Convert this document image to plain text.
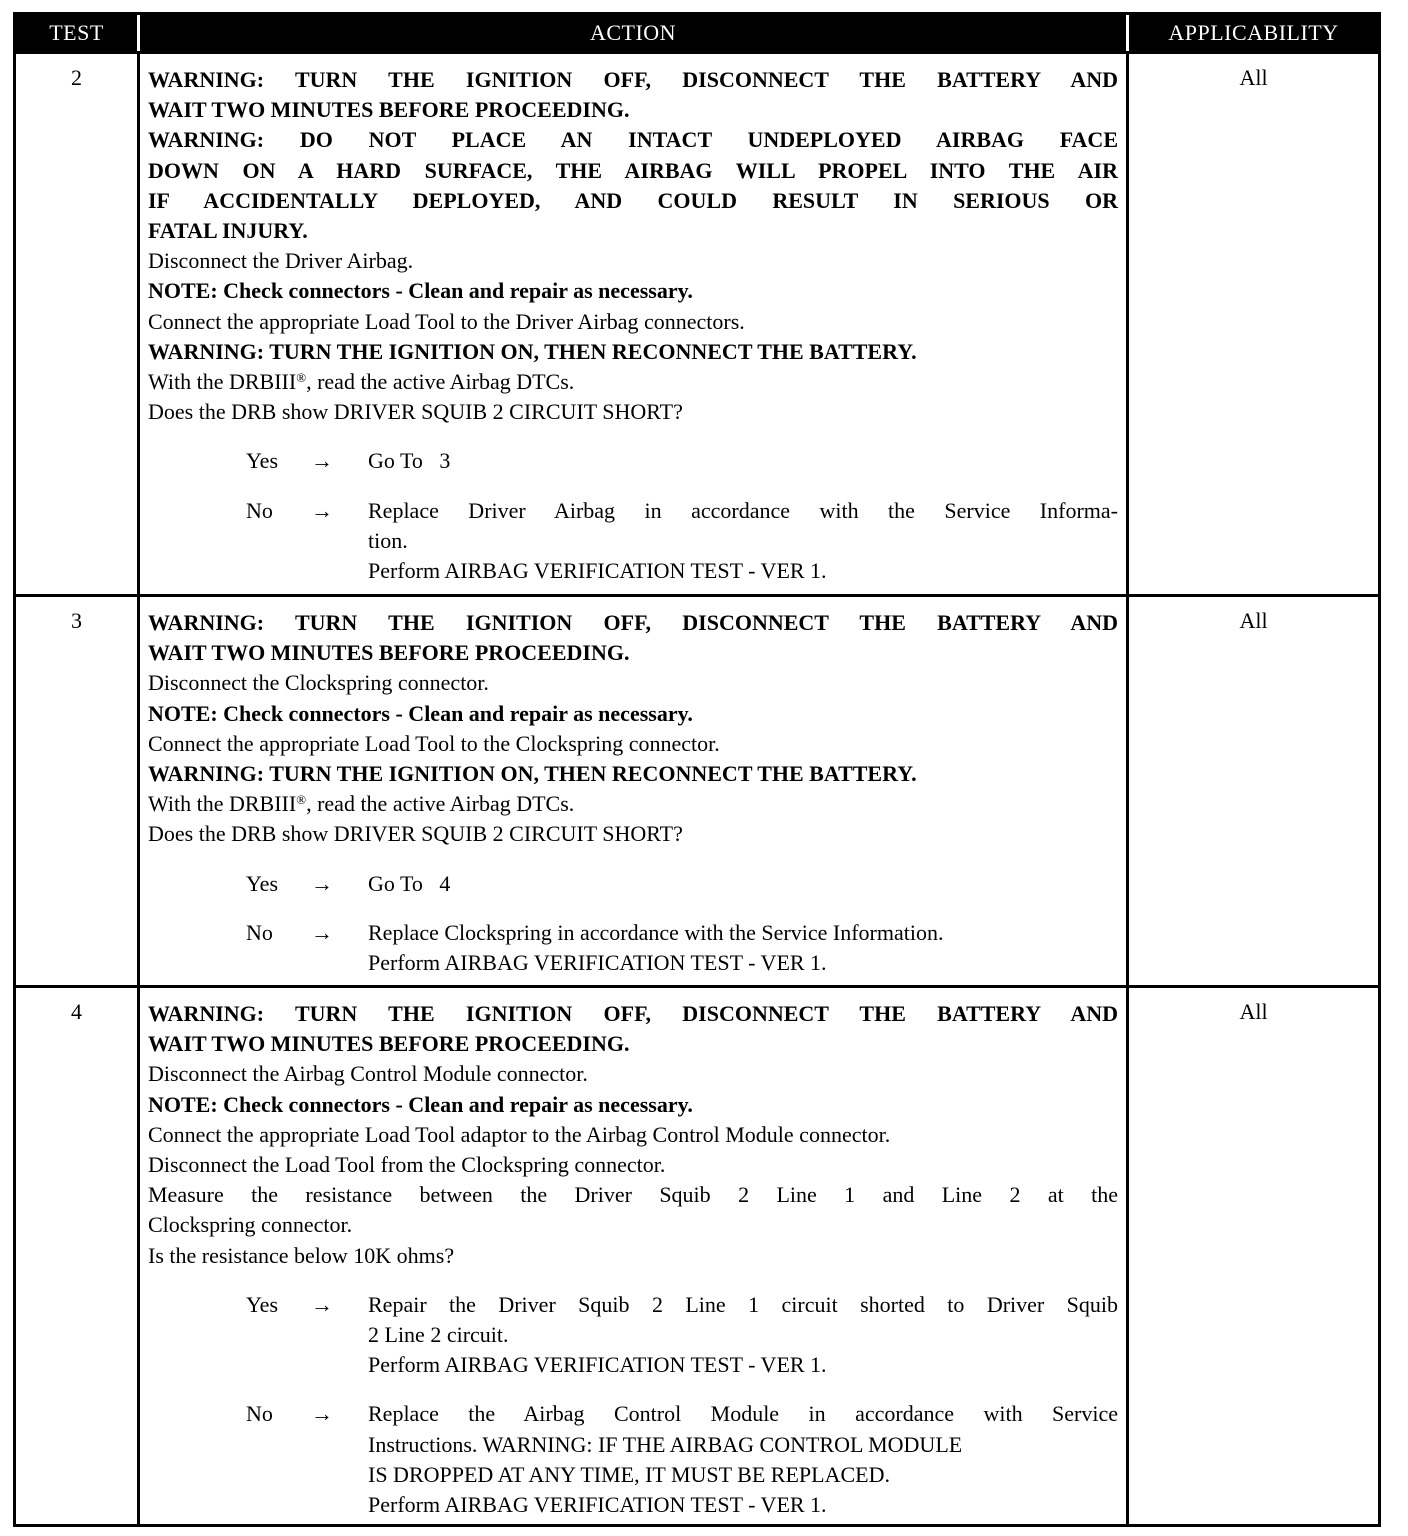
TEST	ACTION	APPLICABILITY
2	WARNING: TURN THE IGNITION OFF, DISCONNECT THE BATTERY AND
WAIT TWO MINUTES BEFORE PROCEEDING.
WARNING: DO NOT PLACE AN INTACT UNDEPLOYED AIRBAG FACE
DOWN ON A HARD SURFACE, THE AIRBAG WILL PROPEL INTO THE AIR
IF ACCIDENTALLY DEPLOYED, AND COULD RESULT IN SERIOUS OR
FATAL INJURY.
Disconnect the Driver Airbag.
NOTE: Check connectors - Clean and repair as necessary.
Connect the appropriate Load Tool to the Driver Airbag connectors.
WARNING: TURN THE IGNITION ON, THEN RECONNECT THE BATTERY.
With the DRBIII®, read the active Airbag DTCs.
Does the DRB show DRIVER SQUIB 2 CIRCUIT SHORT?
Yes	→	Go To   3
No	→	Replace Driver Airbag in accordance with the Service Informa-
tion.
Perform AIRBAG VERIFICATION TEST - VER 1.
All
3	WARNING: TURN THE IGNITION OFF, DISCONNECT THE BATTERY AND
WAIT TWO MINUTES BEFORE PROCEEDING.
Disconnect the Clockspring connector.
NOTE: Check connectors - Clean and repair as necessary.
Connect the appropriate Load Tool to the Clockspring connector.
WARNING: TURN THE IGNITION ON, THEN RECONNECT THE BATTERY.
With the DRBIII®, read the active Airbag DTCs.
Does the DRB show DRIVER SQUIB 2 CIRCUIT SHORT?
Yes	→	Go To   4
No	→	Replace Clockspring in accordance with the Service Information.
Perform AIRBAG VERIFICATION TEST - VER 1.
All
4	WARNING: TURN THE IGNITION OFF, DISCONNECT THE BATTERY AND
WAIT TWO MINUTES BEFORE PROCEEDING.
Disconnect the Airbag Control Module connector.
NOTE: Check connectors - Clean and repair as necessary.
Connect the appropriate Load Tool adaptor to the Airbag Control Module connector.
Disconnect the Load Tool from the Clockspring connector.
Measure the resistance between the Driver Squib 2 Line 1 and Line 2 at the
Clockspring connector.
Is the resistance below 10K ohms?
Yes	→	Repair the Driver Squib 2 Line 1 circuit shorted to Driver Squib
2 Line 2 circuit.
Perform AIRBAG VERIFICATION TEST - VER 1.
No	→	Replace the Airbag Control Module in accordance with Service
Instructions. WARNING: IF THE AIRBAG CONTROL MODULE
IS DROPPED AT ANY TIME, IT MUST BE REPLACED.
Perform AIRBAG VERIFICATION TEST - VER 1.
All
